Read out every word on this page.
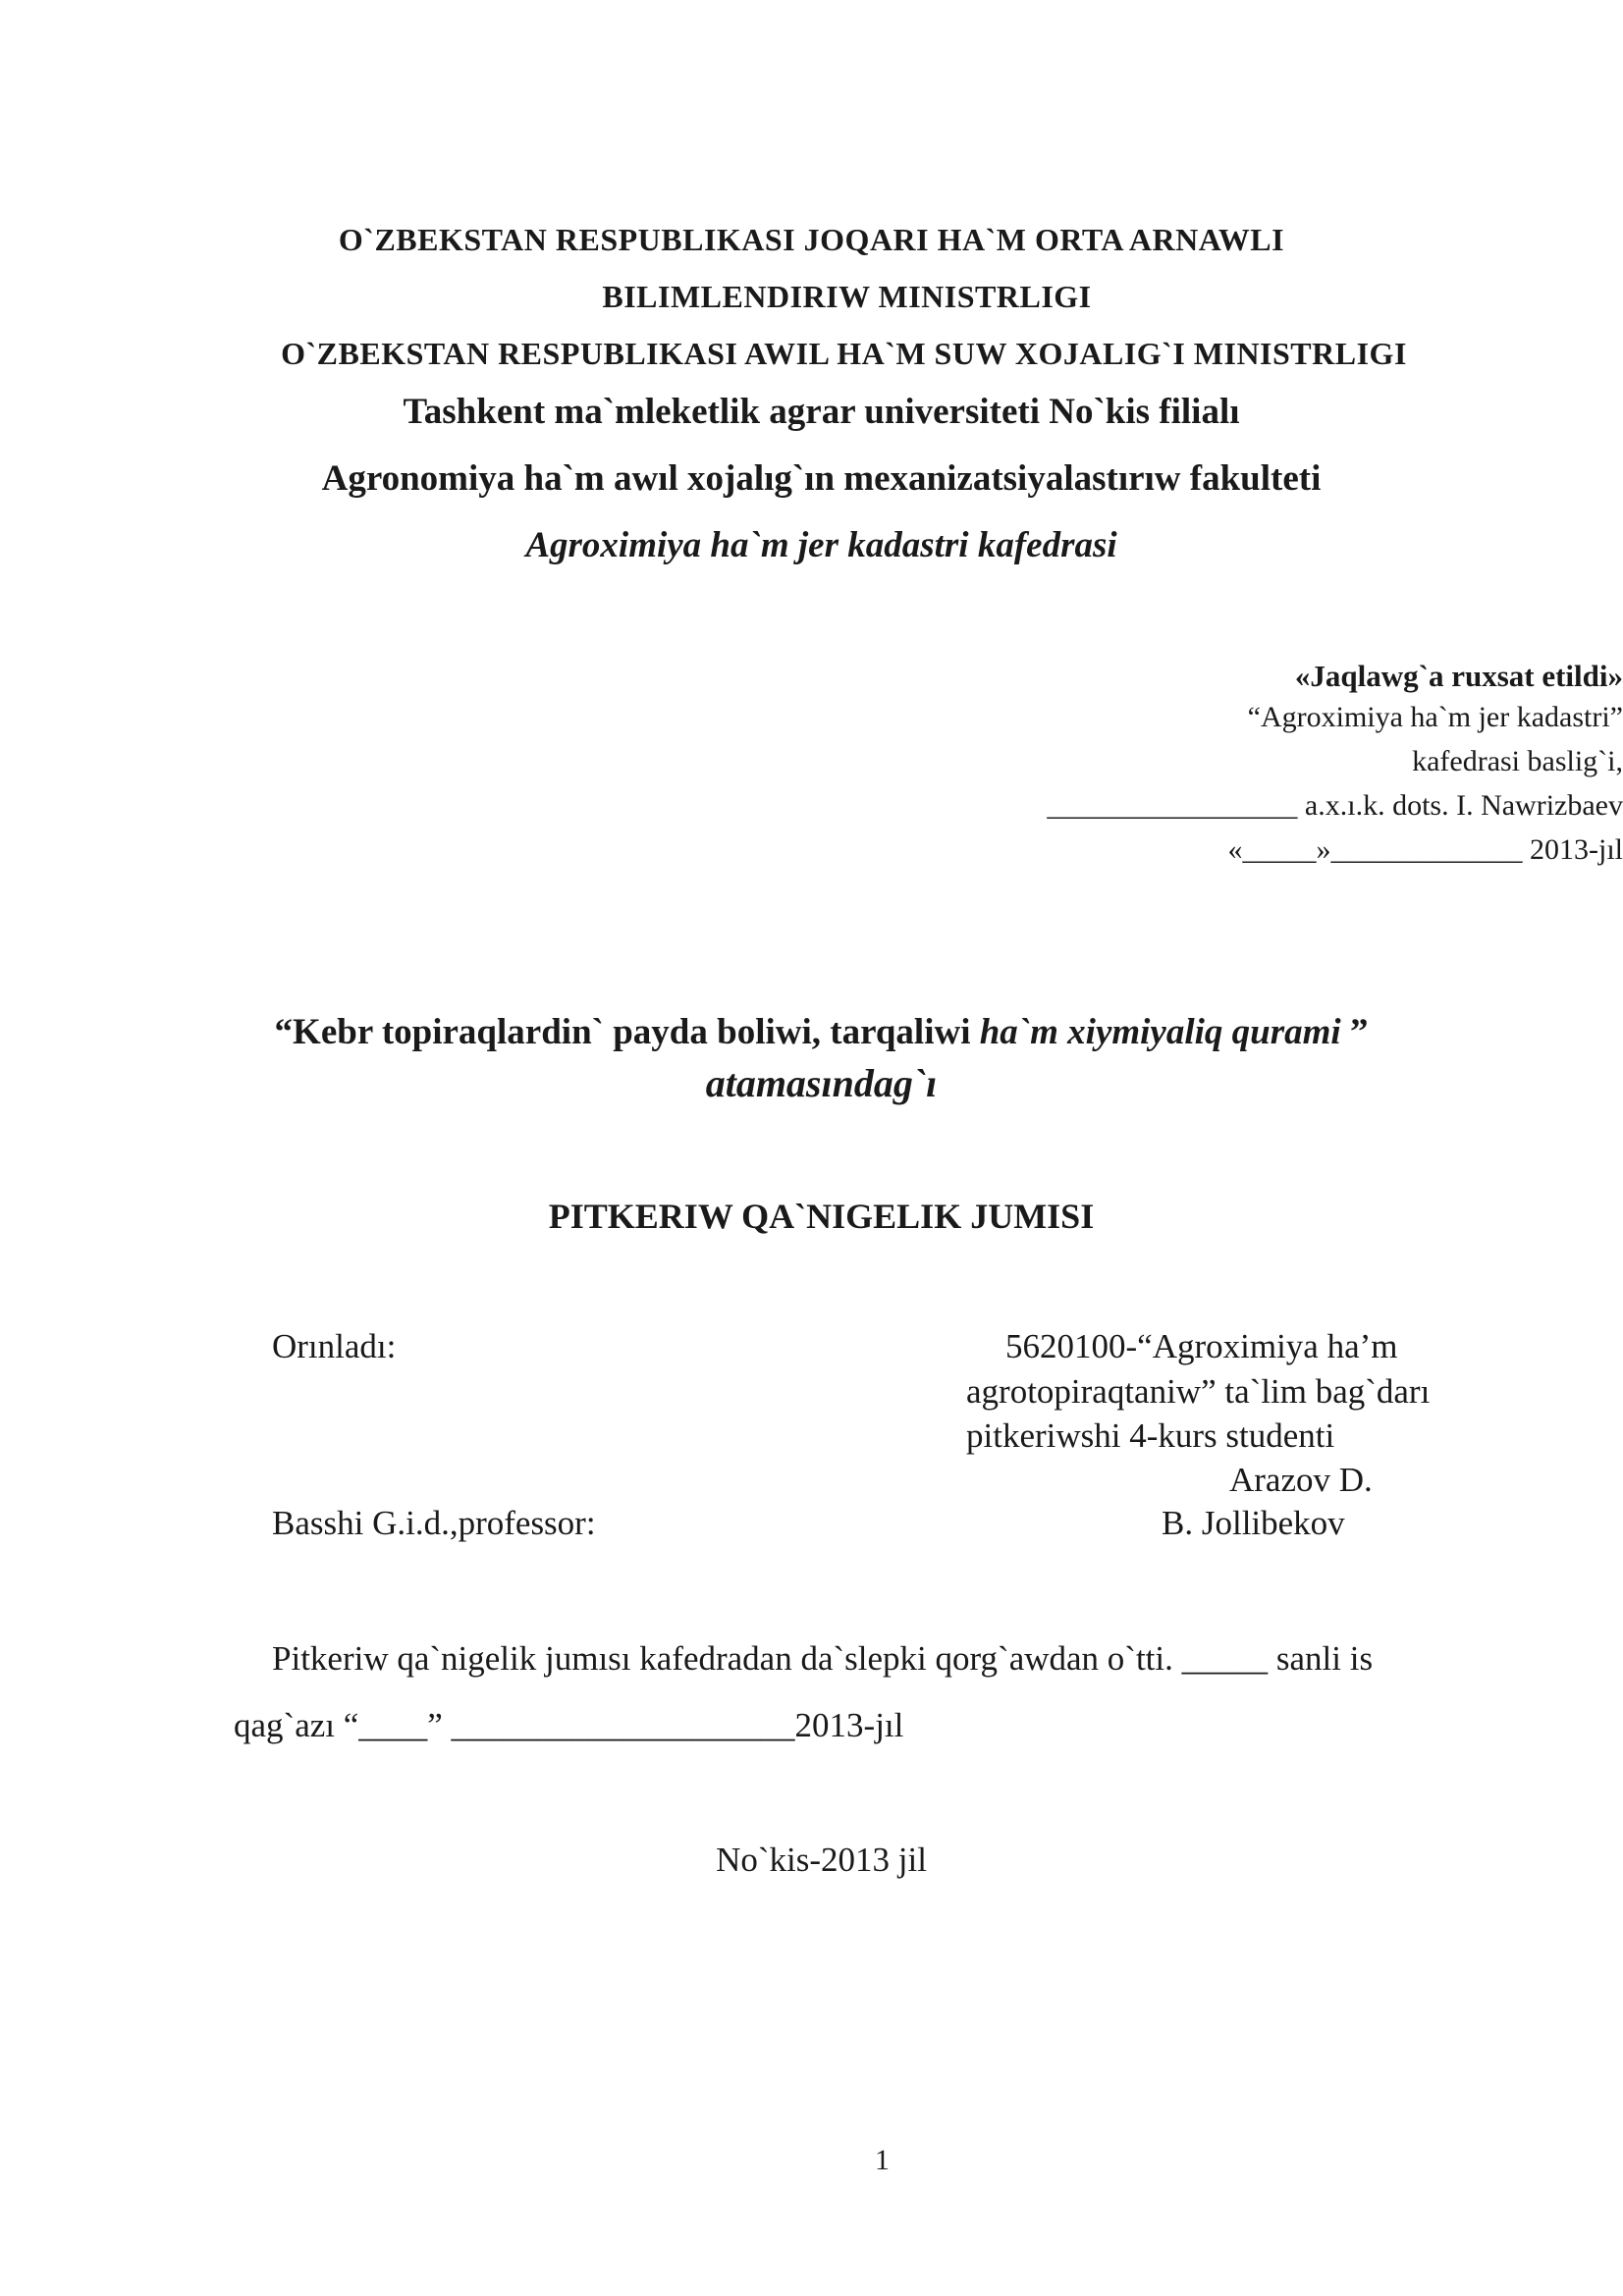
O`ZBEKSTAN RESPUBLIKASI JOQARI HA`M ORTA ARNAWLI
BILIMLENDIRIW MINISTRLIGI
O`ZBEKSTAN RESPUBLIKASI AWIL HA`M SUW XOJALIG`I MINISTRLIGI
Tashkent ma`mleketlik agrar universiteti No`kis filialı
Agronomiya ha`m awıl xojalıg`ın mexanizatsiyalastırıw fakulteti
Agroximiya ha`m jer kadastri kafedrasi
«Jaqlawg`a ruxsat etildi»
“Agroximiya ha`m jer kadastri”
kafedrasi baslig`i,
_________________ a.x.ı.k. dots. I. Nawrizbaev
«_____»_____________ 2013-jıl
“Kebr topiraqlardin` payda boliwi, tarqaliwi ha`m xiymiyaliq qurami ”
atamasındag`ı
PITKERIW QA`NIGELIK JUMISI
Orınladı:	5620100-“Agroximiya ha’m
agrotopiraqtaniw” ta`lim bag`darı
pitkeriwshi 4-kurs studenti
Arazov D.
Basshi G.i.d.,professor:	B. Jollibekov
Pitkeriw qa`nigelik jumısı kafedradan da`slepki qorg`awdan o`tti. _____ sanli is
qag`azı “____” ____________________2013-jıl
No`kis-2013 jil
1
